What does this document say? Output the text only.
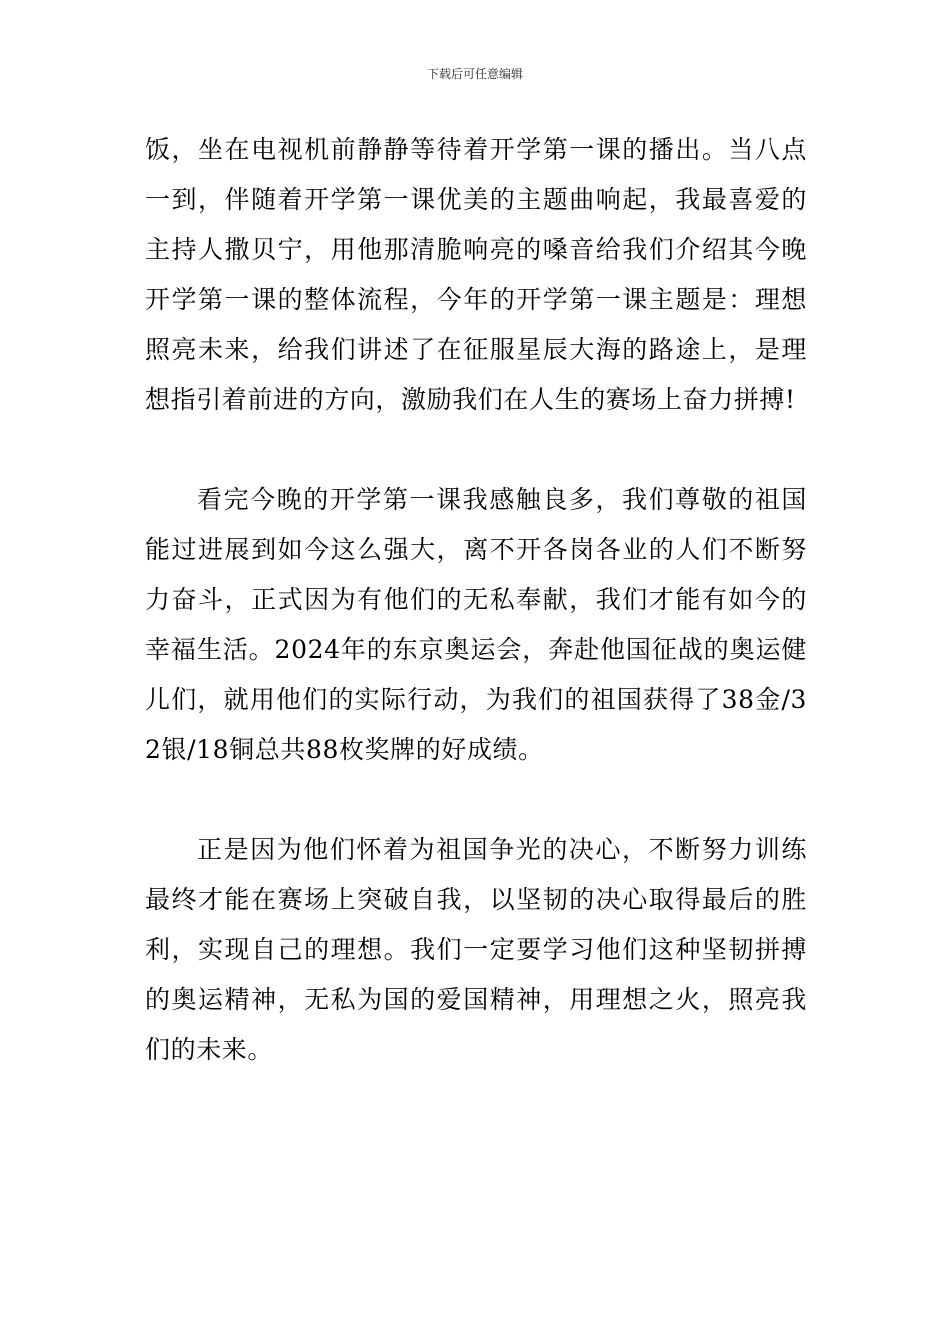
下载后可任意编辑

饭，坐在电视机前静静等待着开学第一课的播出。当八点一到，伴随着开学第一课优美的主题曲响起，我最喜爱的主持人撒贝宁，用他那清脆响亮的嗓音给我们介绍其今晚开学第一课的整体流程，今年的开学第一课主题是：理想照亮未来，给我们讲述了在征服星辰大海的路途上，是理想指引着前进的方向，激励我们在人生的赛场上奋力拼搏!

看完今晚的开学第一课我感触良多，我们尊敬的祖国能过进展到如今这么强大，离不开各岗各业的人们不断努力奋斗，正式因为有他们的无私奉献，我们才能有如今的幸福生活。2024年的东京奥运会，奔赴他国征战的奥运健儿们，就用他们的实际行动，为我们的祖国获得了38金/32银/18铜总共88枚奖牌的好成绩。

正是因为他们怀着为祖国争光的决心，不断努力训练最终才能在赛场上突破自我，以坚韧的决心取得最后的胜利，实现自己的理想。我们一定要学习他们这种坚韧拼搏的奥运精神，无私为国的爱国精神，用理想之火，照亮我们的未来。
